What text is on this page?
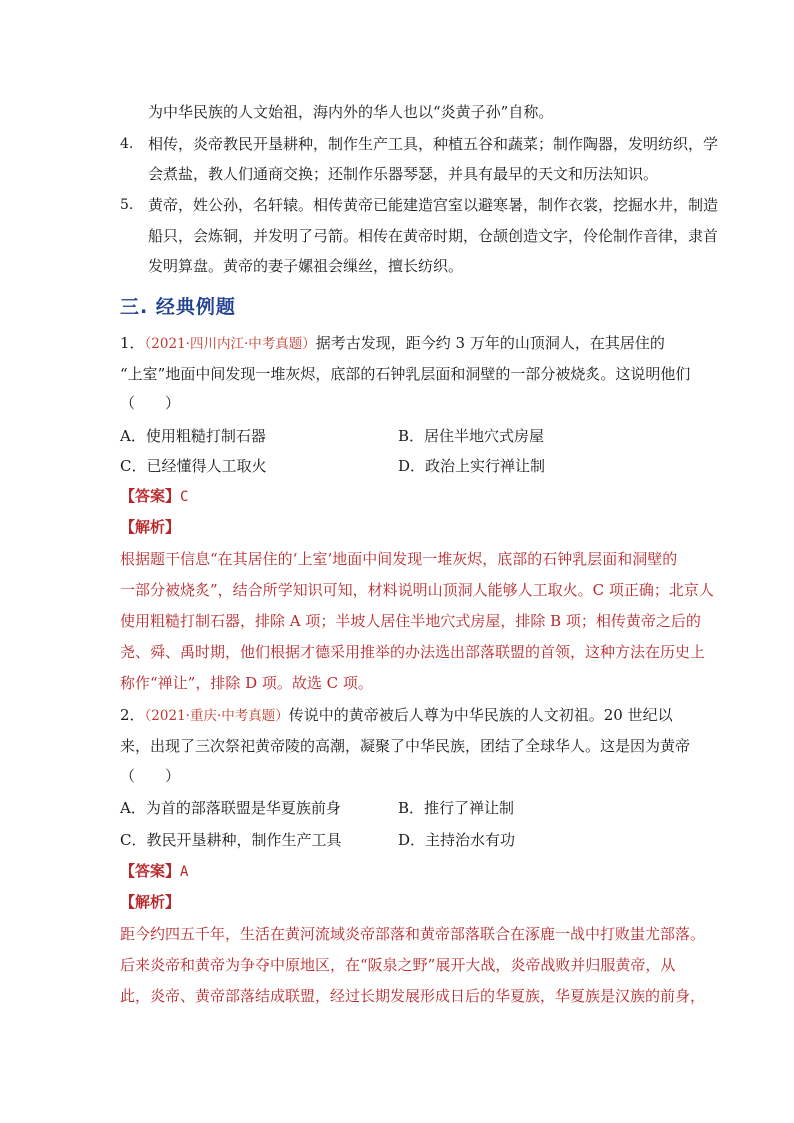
为中华民族的人文始祖，海内外的华人也以“炎黄子孙”自称。
4. 相传，炎帝教民开垦耕种，制作生产工具，种植五谷和蔬菜；制作陶器，发明纺织，学
会煮盐，教人们通商交换；还制作乐器琴瑟，并具有最早的天文和历法知识。
5. 黄帝，姓公孙，名轩辕。相传黄帝已能建造宫室以避寒暑，制作衣裳，挖掘水井，制造
船只，会炼铜，并发明了弓箭。相传在黄帝时期，仓颉创造文字，伶伦制作音律，隶首
发明算盘。黄帝的妻子嫘祖会缫丝，擅长纺织。
三. 经典例题
1．（2021·四川内江·中考真题）据考古发现，距今约 3 万年的山顶洞人，在其居住的
“上室”地面中间发现一堆灰烬，底部的石钟乳层面和洞壁的一部分被烧炙。这说明他们
（　　）
A．使用粗糙打制石器	B．居住半地穴式房屋
C．已经懂得人工取火	D．政治上实行禅让制
【答案】C
【解析】
根据题干信息“在其居住的‘上室’地面中间发现一堆灰烬，底部的石钟乳层面和洞壁的
一部分被烧炙”，结合所学知识可知，材料说明山顶洞人能够人工取火。C 项正确；北京人
使用粗糙打制石器，排除 A 项；半坡人居住半地穴式房屋，排除 B 项；相传黄帝之后的
尧、舜、禹时期，他们根据才德采用推举的办法选出部落联盟的首领，这种方法在历史上
称作“禅让”，排除 D 项。故选 C 项。
2．（2021·重庆·中考真题）传说中的黄帝被后人尊为中华民族的人文初祖。20 世纪以
来，出现了三次祭祀黄帝陵的高潮，凝聚了中华民族，团结了全球华人。这是因为黄帝
（　　）
A．为首的部落联盟是华夏族前身	B．推行了禅让制
C．教民开垦耕种，制作生产工具	D．主持治水有功
【答案】A
【解析】
距今约四五千年，生活在黄河流域炎帝部落和黄帝部落联合在涿鹿一战中打败蚩尤部落。
后来炎帝和黄帝为争夺中原地区，在“阪泉之野”展开大战，炎帝战败并归服黄帝，从
此，炎帝、黄帝部落结成联盟，经过长期发展形成日后的华夏族，华夏族是汉族的前身，
